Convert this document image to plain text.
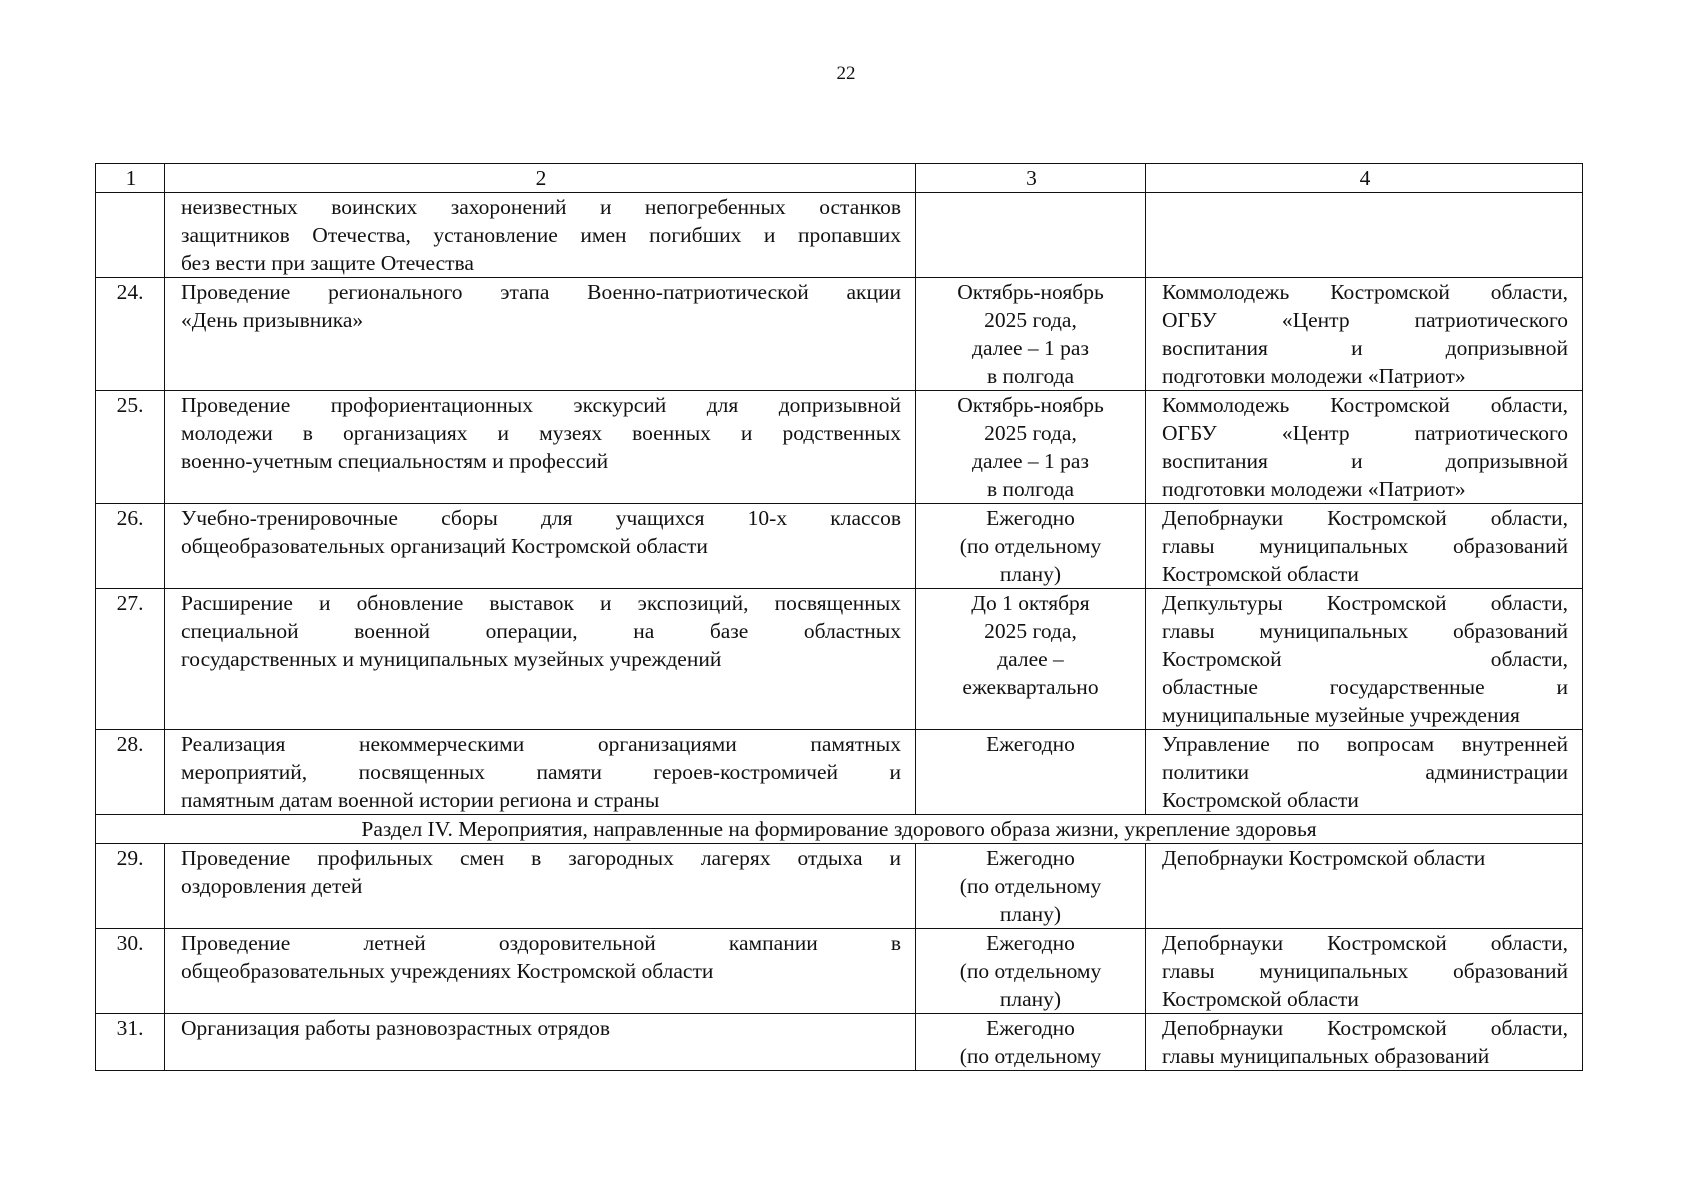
22
1	2	3	4

	неизвестных воинских захоронений и непогребенных останков
защитников Отечества, установление имен погибших и пропавших
без вести при защите Отечества		

24.	Проведение регионального этапа Военно-патриотической акции
«День призывника»	Октябрь-ноябрь
2025 года,
далее – 1 раз
в полгода	Коммолодежь Костромской области,
ОГБУ «Центр патриотического
воспитания и допризывной
подготовки молодежи «Патриот»

25.	Проведение профориентационных экскурсий для допризывной
молодежи в организациях и музеях военных и родственных
военно-учетным специальностям и профессий	Октябрь-ноябрь
2025 года,
далее – 1 раз
в полгода	Коммолодежь Костромской области,
ОГБУ «Центр патриотического
воспитания и допризывной
подготовки молодежи «Патриот»

26.	Учебно-тренировочные сборы для учащихся 10-х классов
общеобразовательных организаций Костромской области	Ежегодно
(по отдельному
плану)	Депобрнауки Костромской области,
главы муниципальных образований
Костромской области

27.	Расширение и обновление выставок и экспозиций, посвященных
специальной военной операции, на базе областных
государственных и муниципальных музейных учреждений	До 1 октября
2025 года,
далее –
ежеквартально	Депкультуры Костромской области,
главы муниципальных образований
Костромской области,
областные государственные и
муниципальные музейные учреждения

28.	Реализация некоммерческими организациями памятных
мероприятий, посвященных памяти героев-костромичей и
памятным датам военной истории региона и страны	Ежегодно	Управление по вопросам внутренней
политики администрации
Костромской области

Раздел IV. Мероприятия, направленные на формирование здорового образа жизни, укрепление здоровья			
29.	Проведение профильных смен в загородных лагерях отдыха и
оздоровления детей	Ежегодно
(по отдельному
плану)	Депобрнауки Костромской области

30.	Проведение летней оздоровительной кампании в
общеобразовательных учреждениях Костромской области	Ежегодно
(по отдельному
плану)	Депобрнауки Костромской области,
главы муниципальных образований
Костромской области

31.	Организация работы разновозрастных отрядов	Ежегодно
(по отдельному	Депобрнауки Костромской области,
главы муниципальных образований
